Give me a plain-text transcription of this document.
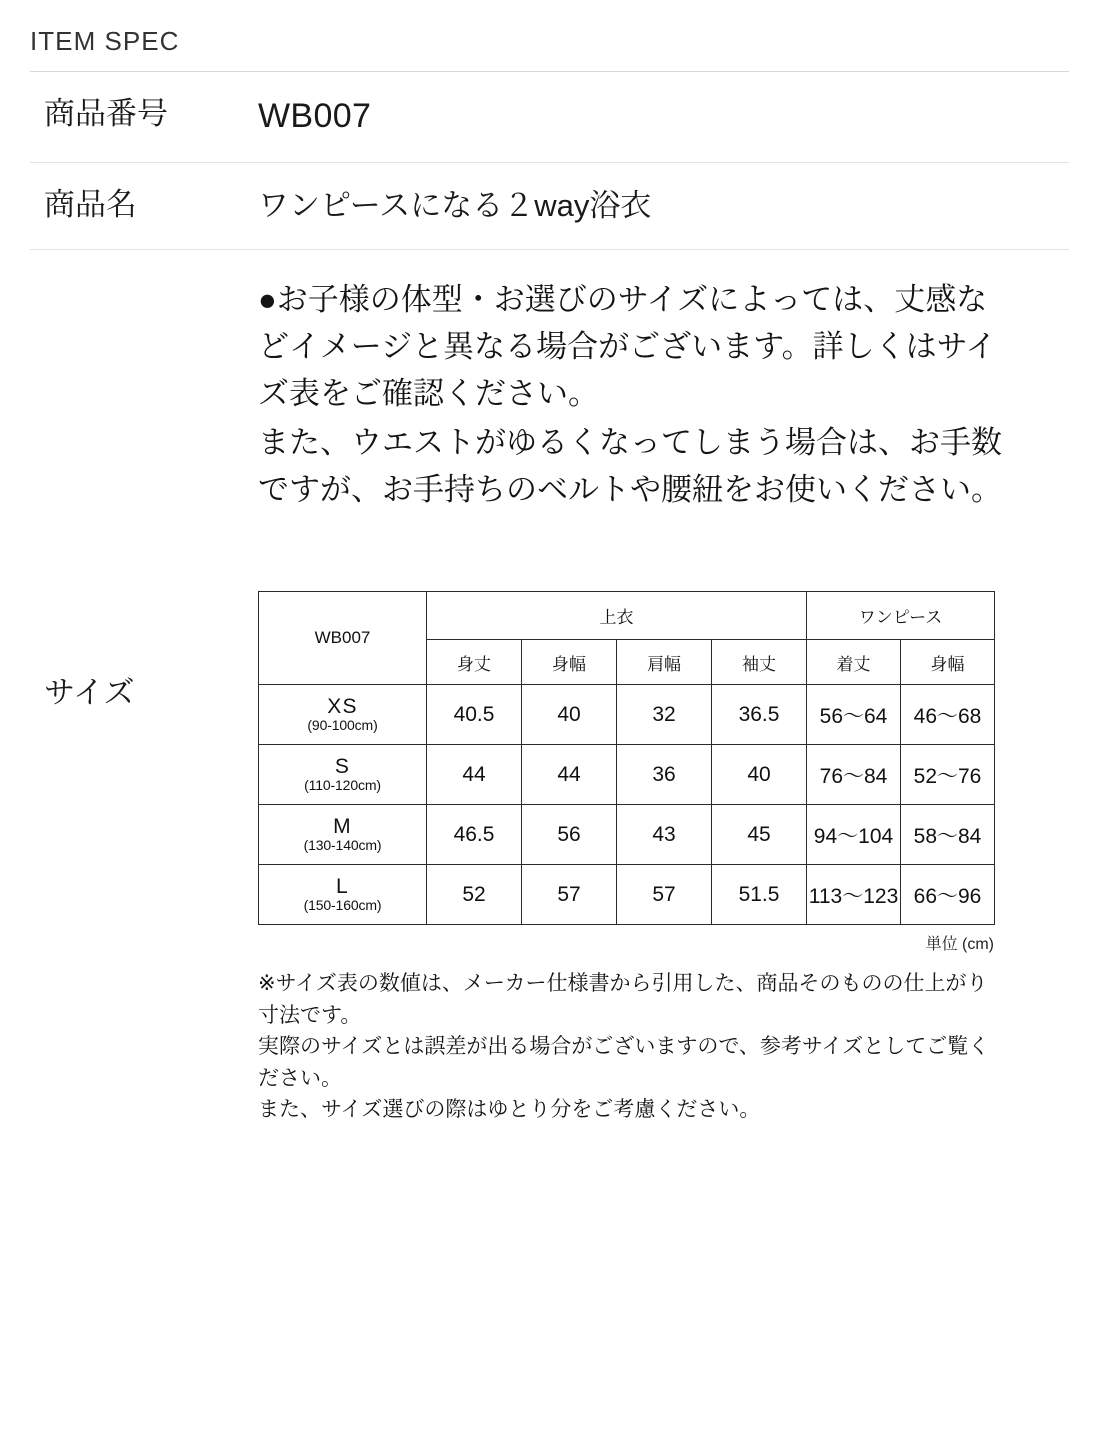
ITEM SPEC
商品番号	WB007
商品名	ワンピースになる２way浴衣

●お子様の体型・お選びのサイズによっては、丈感などイメージと異なる場合がございます。詳しくはサイズ表をご確認ください。

また、ウエストがゆるくなってしまう場合は、お手数ですが、お手持ちのベルトや腰紐をお使いください。

サイズ
WB007	上衣				ワンピース	
	身丈	身幅	肩幅	袖丈	着丈	身幅

XS
(90-100cm)	40.5	40	32	36.5	56〜64	46〜68

S
(110-120cm)	44	44	36	40	76〜84	52〜76

M
(130-140cm)	46.5	56	43	45	94〜104	58〜84

L
(150-160cm)	52	57	57	51.5	113〜123	66〜96
単位 (cm)

※サイズ表の数値は、メーカー仕様書から引用した、商品そのものの仕上がり寸法です。

実際のサイズとは誤差が出る場合がございますので、参考サイズとしてご覧ください。

また、サイズ選びの際はゆとり分をご考慮ください。
